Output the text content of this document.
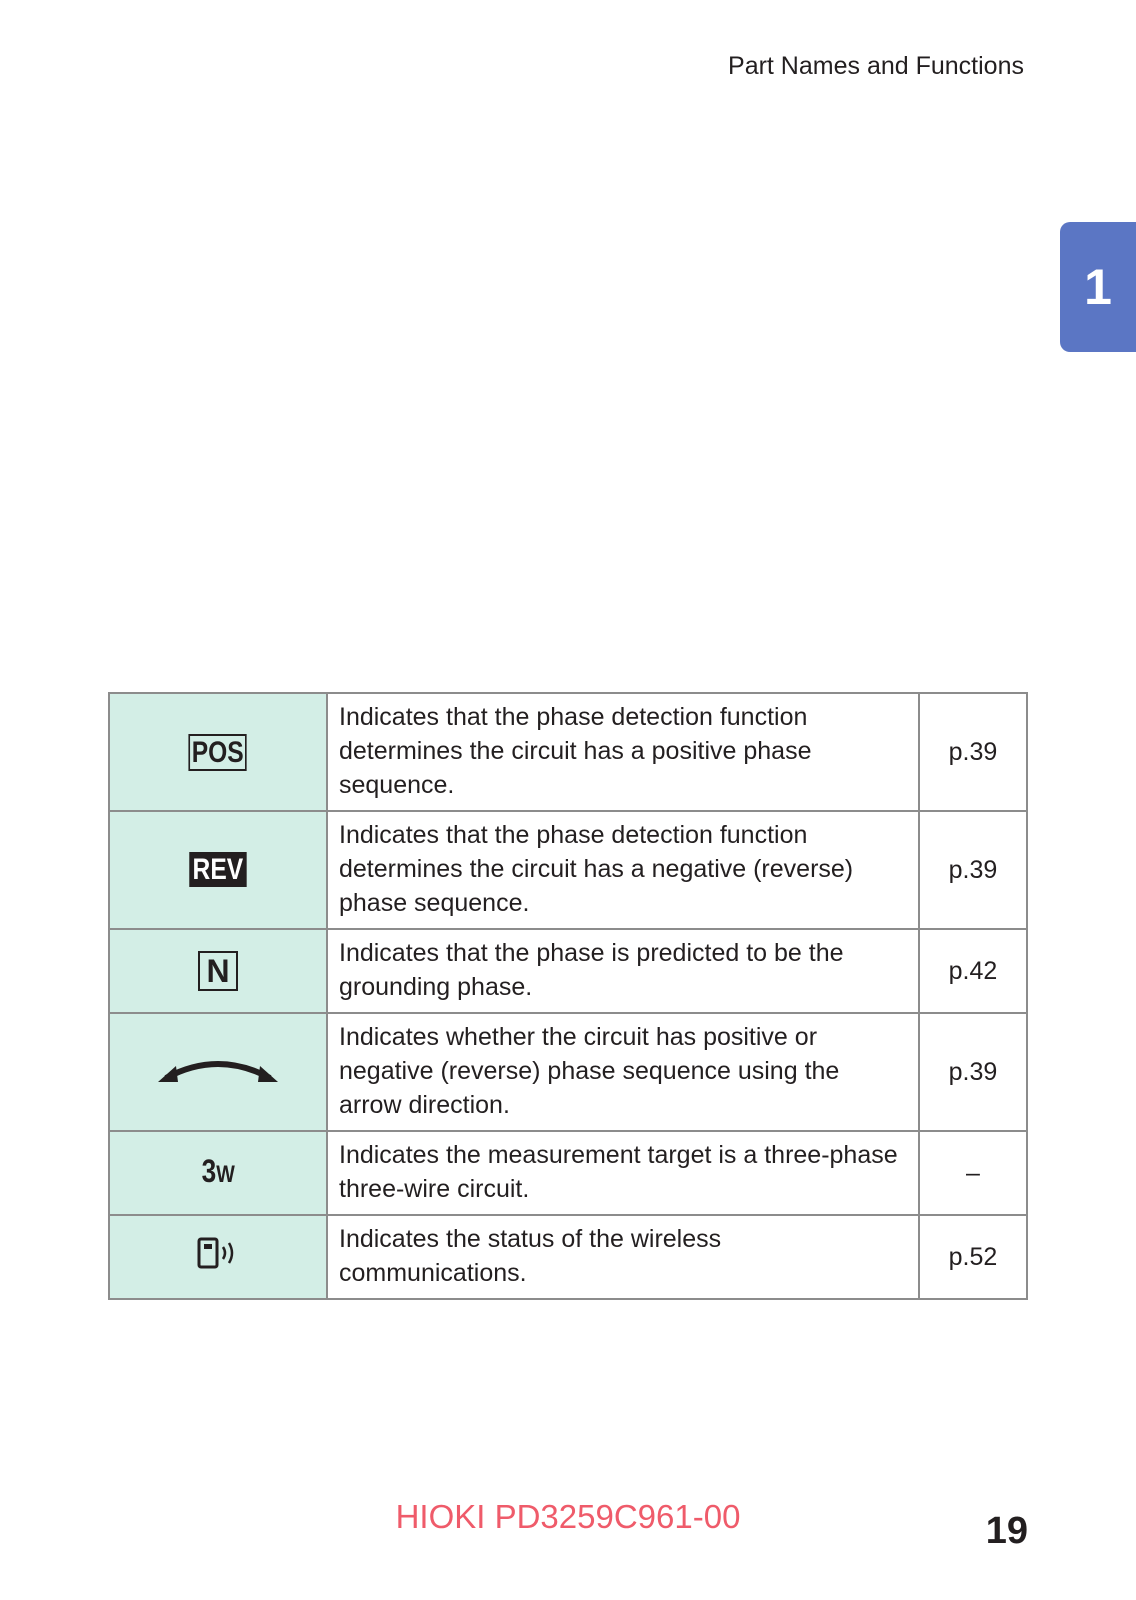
Part Names and Functions
1
POS	Indicates that the phase detection function determines the circuit has a positive phase sequence.	p.39
REV	Indicates that the phase detection function determines the circuit has a negative (reverse) phase sequence.	p.39
N	Indicates that the phase is predicted to be the grounding phase.	p.42
	Indicates whether the circuit has positive or negative (reverse) phase sequence using the arrow direction.	p.39
3W	Indicates the measurement target is a three-phase three-wire circuit.	–
	Indicates the status of the wireless communications.	p.52
HIOKI PD3259C961-00	19
